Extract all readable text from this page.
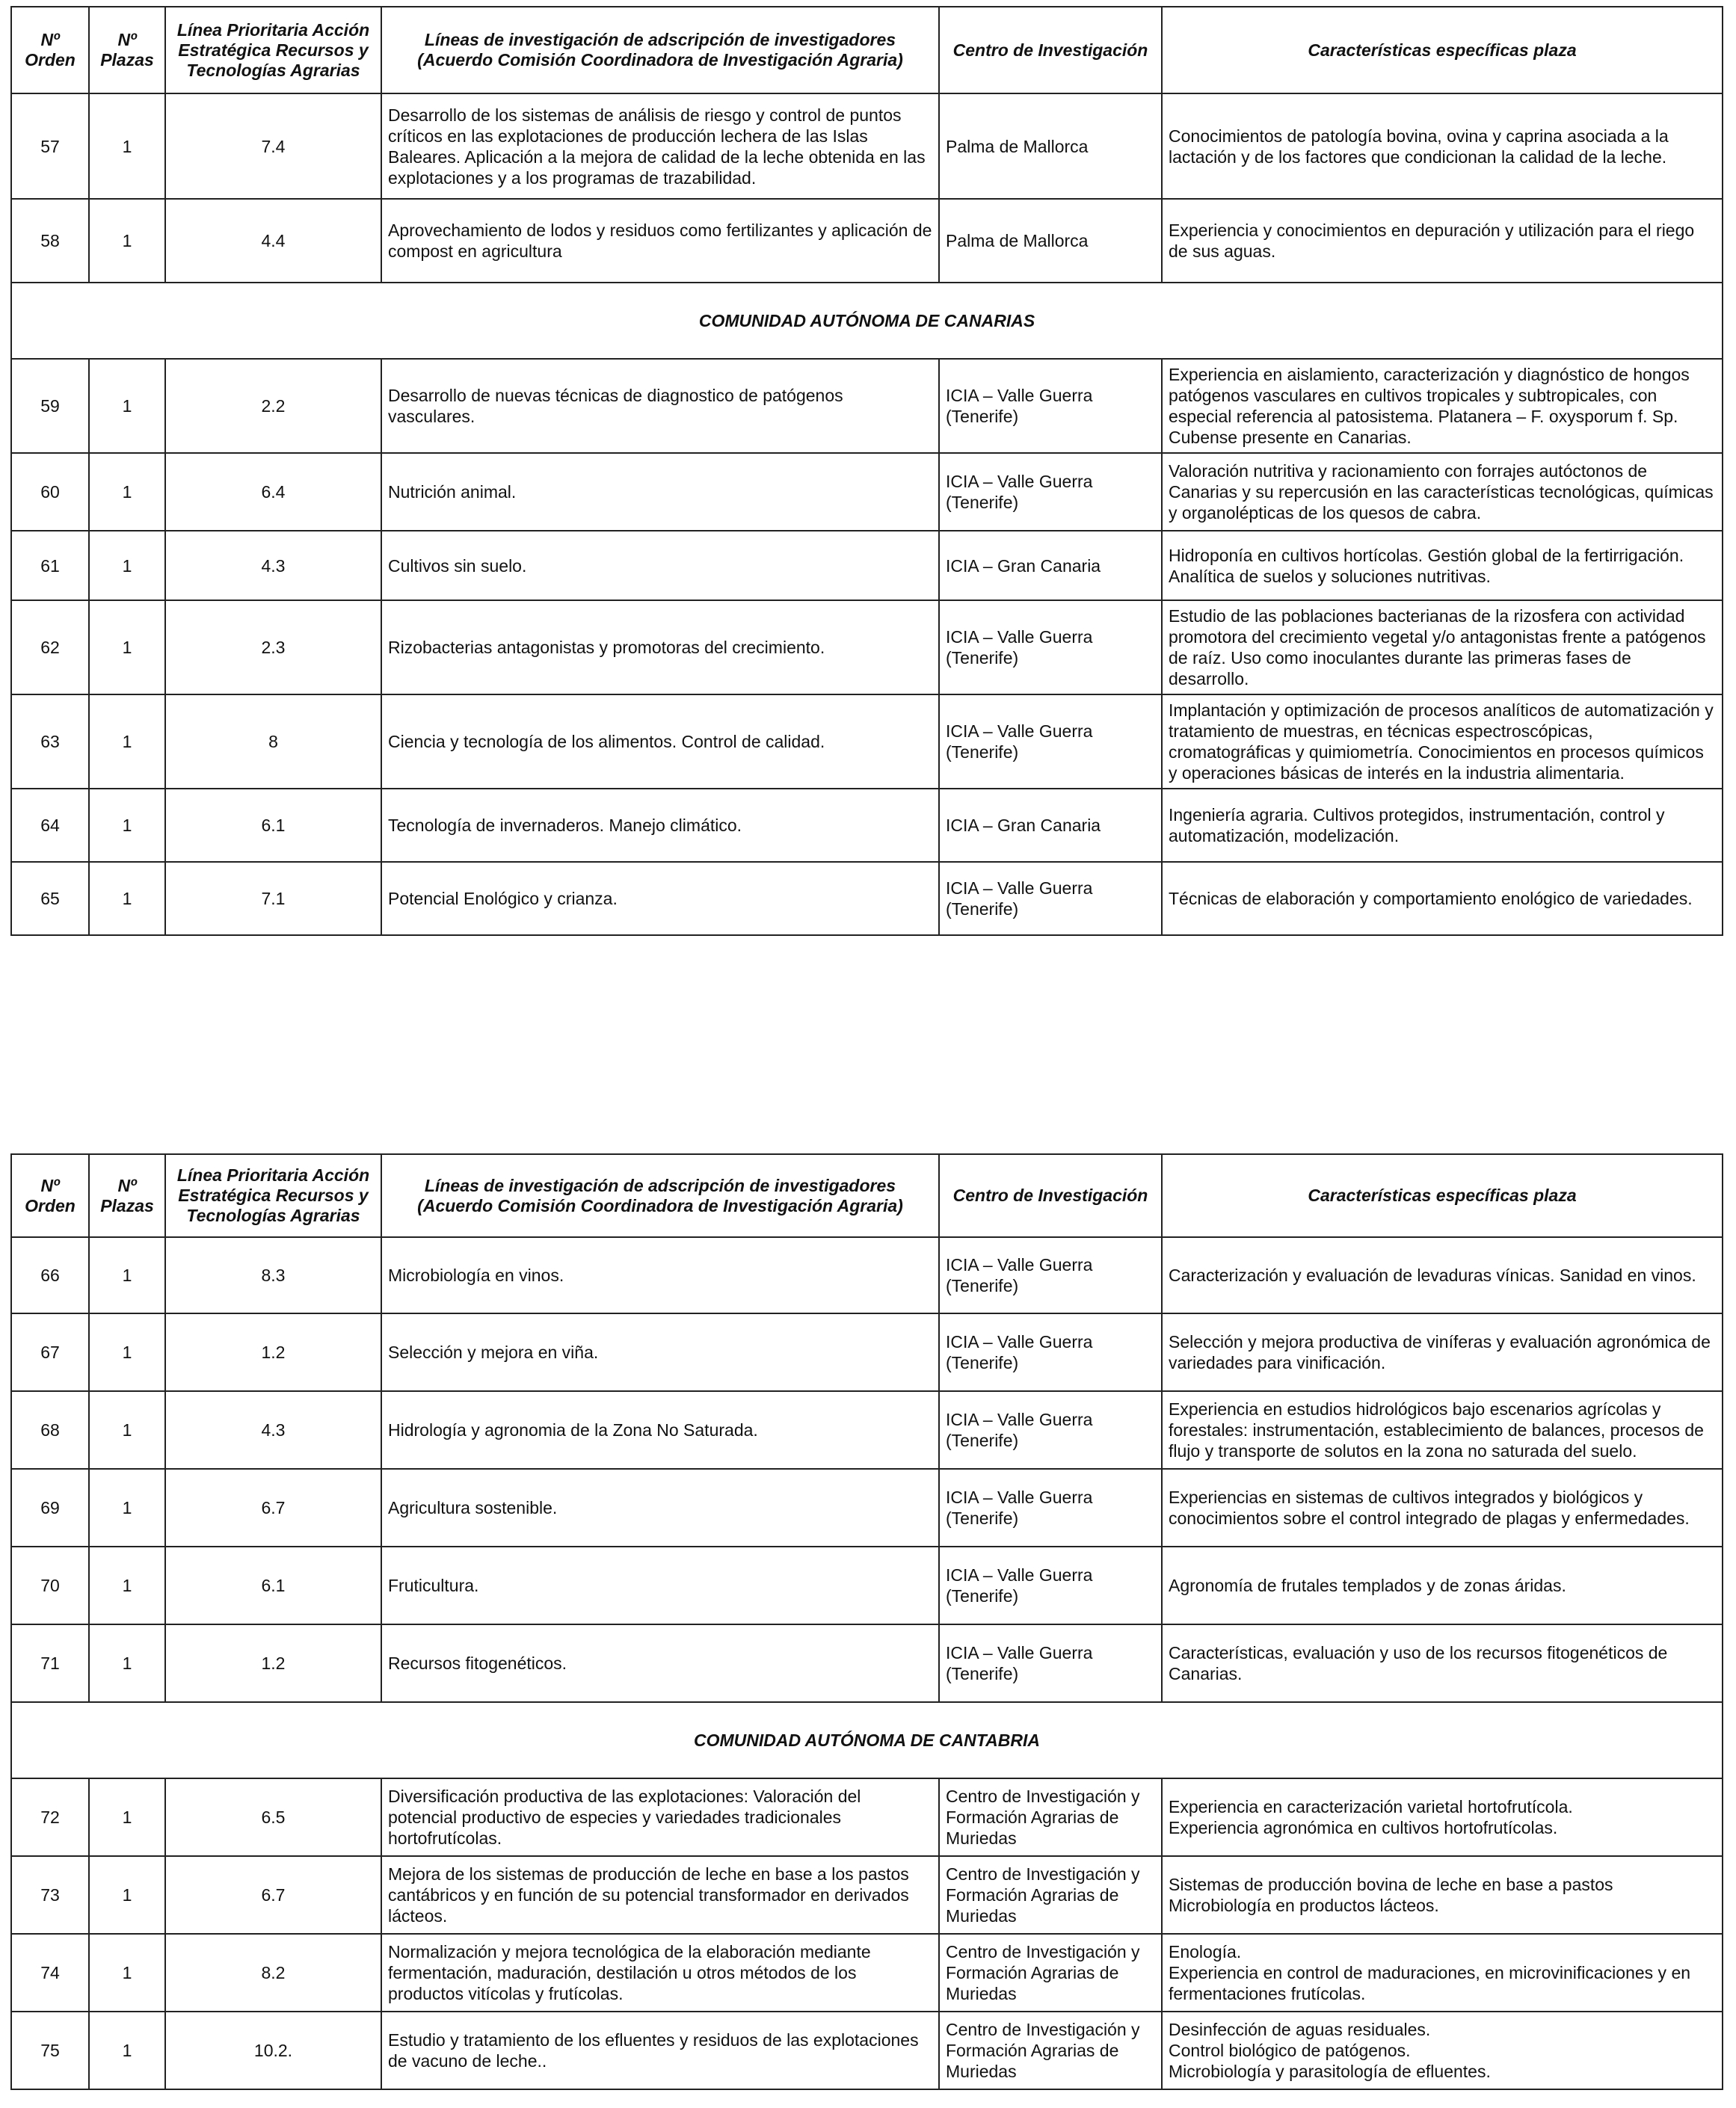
Nº Orden	Nº Plazas	Línea Prioritaria Acción Estratégica Recursos y Tecnologías Agrarias	Líneas de investigación de adscripción de investigadores (Acuerdo Comisión Coordinadora de Investigación Agraria)	Centro de Investigación	Características específicas plaza
57	1	7.4	Desarrollo de los sistemas de análisis de riesgo y control de puntos críticos en las explotaciones de producción lechera de las Islas Baleares. Aplicación a la mejora de calidad de la leche obtenida en las explotaciones y a los programas de trazabilidad.	Palma de Mallorca	Conocimientos de patología bovina, ovina y caprina asociada a la lactación y de los factores que condicionan la calidad de la leche.
58	1	4.4	Aprovechamiento de lodos y residuos como fertilizantes y aplicación de compost en agricultura	Palma de Mallorca	Experiencia y conocimientos en depuración y utilización para el riego de sus aguas.
COMUNIDAD AUTÓNOMA DE CANARIAS					
59	1	2.2	Desarrollo de nuevas técnicas de diagnostico de patógenos vasculares.	ICIA – Valle Guerra (Tenerife)	Experiencia en aislamiento, caracterización y diagnóstico de hongos patógenos vasculares en cultivos tropicales y subtropicales, con especial referencia al patosistema. Platanera – F. oxysporum f. Sp. Cubense presente en Canarias.
60	1	6.4	Nutrición animal.	ICIA – Valle Guerra (Tenerife)	Valoración nutritiva y racionamiento con forrajes autóctonos de Canarias y su repercusión en las características tecnológicas, químicas y organolépticas de los quesos de cabra.
61	1	4.3	Cultivos sin suelo.	ICIA – Gran Canaria	Hidroponía en cultivos hortícolas. Gestión global de la fertirrigación. Analítica de suelos y soluciones nutritivas.
62	1	2.3	Rizobacterias antagonistas y promotoras del crecimiento.	ICIA – Valle Guerra (Tenerife)	Estudio de las poblaciones bacterianas de la rizosfera con actividad promotora del crecimiento vegetal y/o antagonistas frente a patógenos de raíz. Uso como inoculantes durante las primeras fases de desarrollo.
63	1	8	Ciencia y tecnología de los alimentos. Control de calidad.	ICIA – Valle Guerra (Tenerife)	Implantación y optimización de procesos analíticos de automatización y tratamiento de muestras, en técnicas espectroscópicas, cromatográficas y quimiometría. Conocimientos en procesos químicos y operaciones básicas de interés en la industria alimentaria.
64	1	6.1	Tecnología de invernaderos. Manejo climático.	ICIA – Gran Canaria	Ingeniería agraria. Cultivos protegidos, instrumentación, control y automatización, modelización.
65	1	7.1	Potencial Enológico y crianza.	ICIA – Valle Guerra (Tenerife)	Técnicas de elaboración y comportamiento enológico de variedades.
Nº Orden	Nº Plazas	Línea Prioritaria Acción Estratégica Recursos y Tecnologías Agrarias	Líneas de investigación de adscripción de investigadores (Acuerdo Comisión Coordinadora de Investigación Agraria)	Centro de Investigación	Características específicas plaza
66	1	8.3	Microbiología en vinos.	ICIA – Valle Guerra (Tenerife)	Caracterización y evaluación de levaduras vínicas. Sanidad en vinos.
67	1	1.2	Selección y mejora en viña.	ICIA – Valle Guerra (Tenerife)	Selección y mejora productiva de viníferas y evaluación agronómica de variedades para vinificación.
68	1	4.3	Hidrología y agronomia de la Zona No Saturada.	ICIA – Valle Guerra (Tenerife)	Experiencia en estudios hidrológicos bajo escenarios agrícolas y forestales: instrumentación, establecimiento de balances, procesos de flujo y transporte de solutos en la zona no saturada del suelo.
69	1	6.7	Agricultura sostenible.	ICIA – Valle Guerra (Tenerife)	Experiencias en sistemas de cultivos integrados y biológicos y conocimientos sobre el control integrado de plagas y enfermedades.
70	1	6.1	Fruticultura.	ICIA – Valle Guerra (Tenerife)	Agronomía de frutales templados y de zonas áridas.
71	1	1.2	Recursos fitogenéticos.	ICIA – Valle Guerra (Tenerife)	Características, evaluación y uso de los recursos fitogenéticos de Canarias.
COMUNIDAD AUTÓNOMA DE CANTABRIA					
72	1	6.5	Diversificación productiva de las explotaciones: Valoración del potencial productivo de especies y variedades tradicionales hortofrutícolas.	Centro de Investigación y Formación Agrarias de Muriedas	Experiencia en caracterización varietal hortofrutícola.
Experiencia agronómica en cultivos hortofrutícolas.
73	1	6.7	Mejora de los sistemas de producción de leche en base a los pastos cantábricos y en función de su potencial transformador en derivados lácteos.	Centro de Investigación y Formación Agrarias de Muriedas	Sistemas de producción bovina de leche en base a pastos
Microbiología en productos lácteos.
74	1	8.2	Normalización y mejora tecnológica de la elaboración mediante fermentación, maduración, destilación u otros métodos de los productos vitícolas y frutícolas.	Centro de Investigación y Formación Agrarias de Muriedas	Enología.
Experiencia en control de maduraciones, en microvinificaciones y en fermentaciones frutícolas.
75	1	10.2.	Estudio y tratamiento de los efluentes y residuos de las explotaciones de vacuno de leche..	Centro de Investigación y Formación Agrarias de Muriedas	Desinfección de aguas residuales.
Control biológico de patógenos.
Microbiología y parasitología de efluentes.
